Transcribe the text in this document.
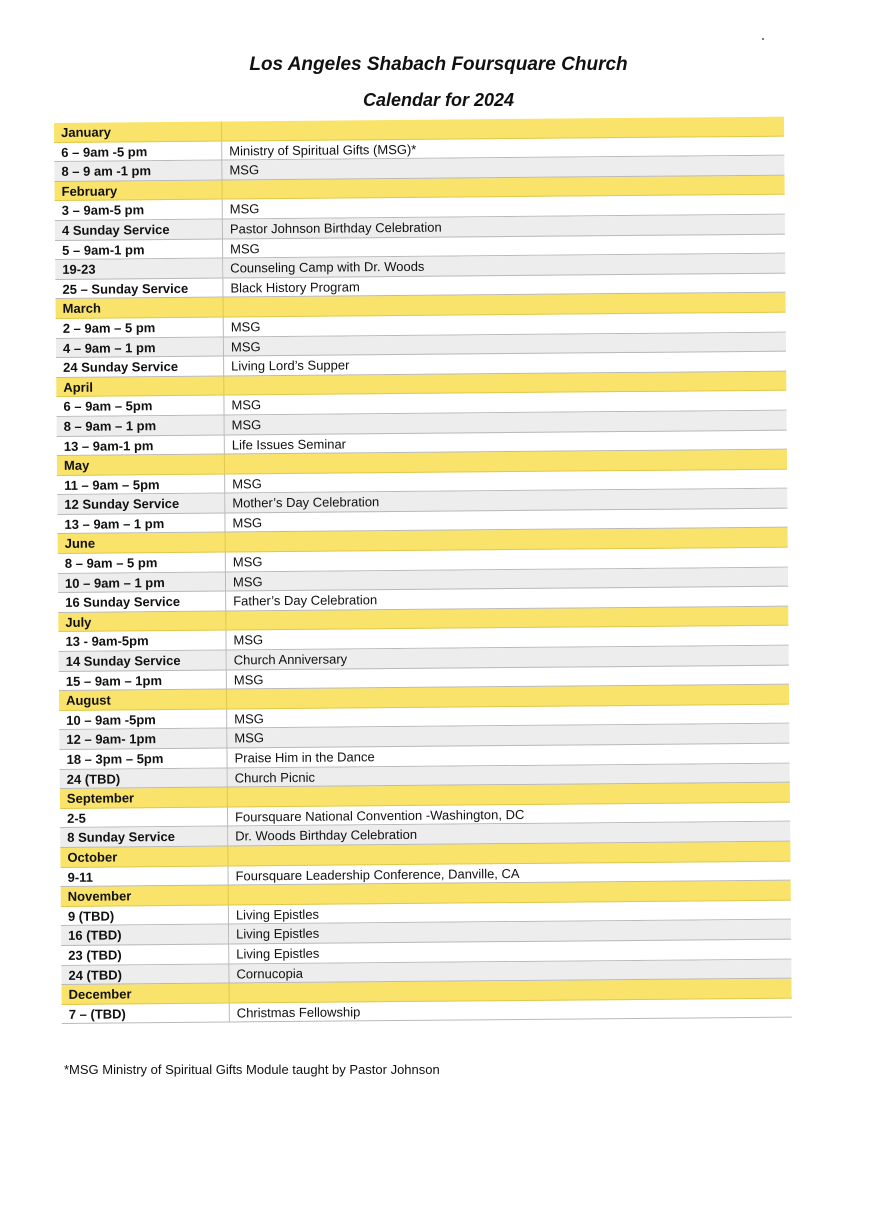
Los Angeles Shabach Foursquare Church
Calendar for 2024
January
6 – 9am -5 pm	Ministry of Spiritual Gifts (MSG)*
8 – 9 am -1 pm	MSG
February
3 – 9am-5 pm	MSG
4 Sunday Service	Pastor Johnson Birthday Celebration
5 – 9am-1 pm	MSG
19-23	Counseling Camp with Dr. Woods
25 – Sunday Service	Black History Program
March
2 – 9am – 5 pm	MSG
4 – 9am – 1 pm	MSG
24 Sunday Service	Living Lord’s Supper
April
6 – 9am – 5pm	MSG
8 – 9am – 1 pm	MSG
13 – 9am-1 pm	Life Issues Seminar
May
11 – 9am – 5pm	MSG
12 Sunday Service	Mother’s Day Celebration
13 – 9am – 1 pm	MSG
June
8 – 9am – 5 pm	MSG
10 – 9am – 1 pm	MSG
16 Sunday Service	Father’s Day Celebration
July
13 - 9am-5pm	MSG
14 Sunday Service	Church Anniversary
15 – 9am – 1pm	MSG
August
10 – 9am -5pm	MSG
12 – 9am- 1pm	MSG
18 – 3pm – 5pm	Praise Him in the Dance
24 (TBD)	Church Picnic
September
2-5	Foursquare National Convention -Washington, DC
8 Sunday Service	Dr. Woods Birthday Celebration
October
9-11	Foursquare Leadership Conference, Danville, CA
November
9 (TBD)	Living Epistles
16 (TBD)	Living Epistles
23 (TBD)	Living Epistles
24 (TBD)	Cornucopia
December
7 – (TBD)	Christmas Fellowship
*MSG Ministry of Spiritual Gifts Module taught by Pastor Johnson
